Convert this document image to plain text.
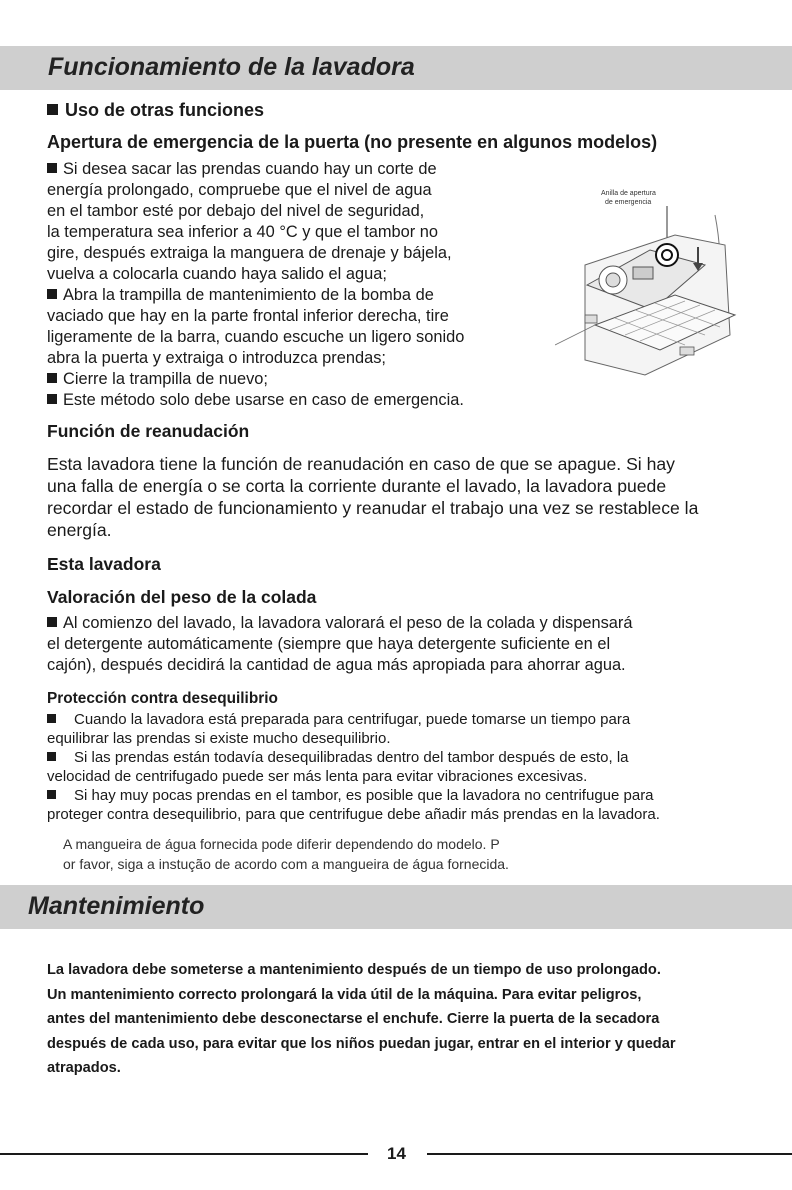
Funcionamiento de la lavadora
Uso de otras funciones
Apertura de emergencia de la puerta (no presente en algunos modelos)
Si desea sacar las prendas cuando hay un corte de
energía prolongado, compruebe que el nivel de agua
en el tambor esté por debajo del nivel de seguridad,
la temperatura sea inferior a 40 °C y que el tambor no
gire, después extraiga la manguera de drenaje y bájela,
vuelva a colocarla cuando haya salido el agua;
Abra la trampilla de mantenimiento de la bomba de
vaciado que hay en la parte frontal inferior derecha, tire
ligeramente de la barra, cuando escuche un ligero sonido
abra la puerta y extraiga o introduzca prendas;
Cierre la trampilla de nuevo;
Este método solo debe usarse en caso de emergencia.
Anilla de apertura
de emergencia
Función de reanudación
Esta lavadora tiene la función de reanudación en caso de que se apague. Si hay
una falla de energía o se corta la corriente durante el lavado, la lavadora puede
recordar el estado de funcionamiento y reanudar el trabajo una vez se restablece la
energía.
Esta lavadora
Valoración del peso de la colada
Al comienzo del lavado, la lavadora valorará el peso de la colada y dispensará
el detergente automáticamente (siempre que haya detergente suficiente en el
cajón), después decidirá la cantidad de agua más apropiada para ahorrar agua.
Protección contra desequilibrio
Cuando la lavadora está preparada para centrifugar, puede tomarse un tiempo para
equilibrar las prendas si existe mucho desequilibrio.
Si las prendas están todavía desequilibradas dentro del tambor después de esto, la
velocidad de centrifugado puede ser más lenta para evitar vibraciones excesivas.
Si hay muy pocas prendas en el tambor, es posible que la lavadora no centrifugue para
proteger contra desequilibrio, para que centrifugue debe añadir más prendas en la lavadora.
A mangueira de água fornecida pode diferir dependendo do modelo. P
or favor, siga a instução de acordo com a mangueira de água fornecida.
Mantenimiento
La lavadora debe someterse a mantenimiento después de un tiempo de uso prolongado.
Un mantenimiento correcto prolongará la vida útil de la máquina. Para evitar peligros,
antes del mantenimiento debe desconectarse el enchufe. Cierre la puerta de la secadora
después de cada uso, para evitar que los niños puedan jugar, entrar en el interior y quedar
atrapados.
14
